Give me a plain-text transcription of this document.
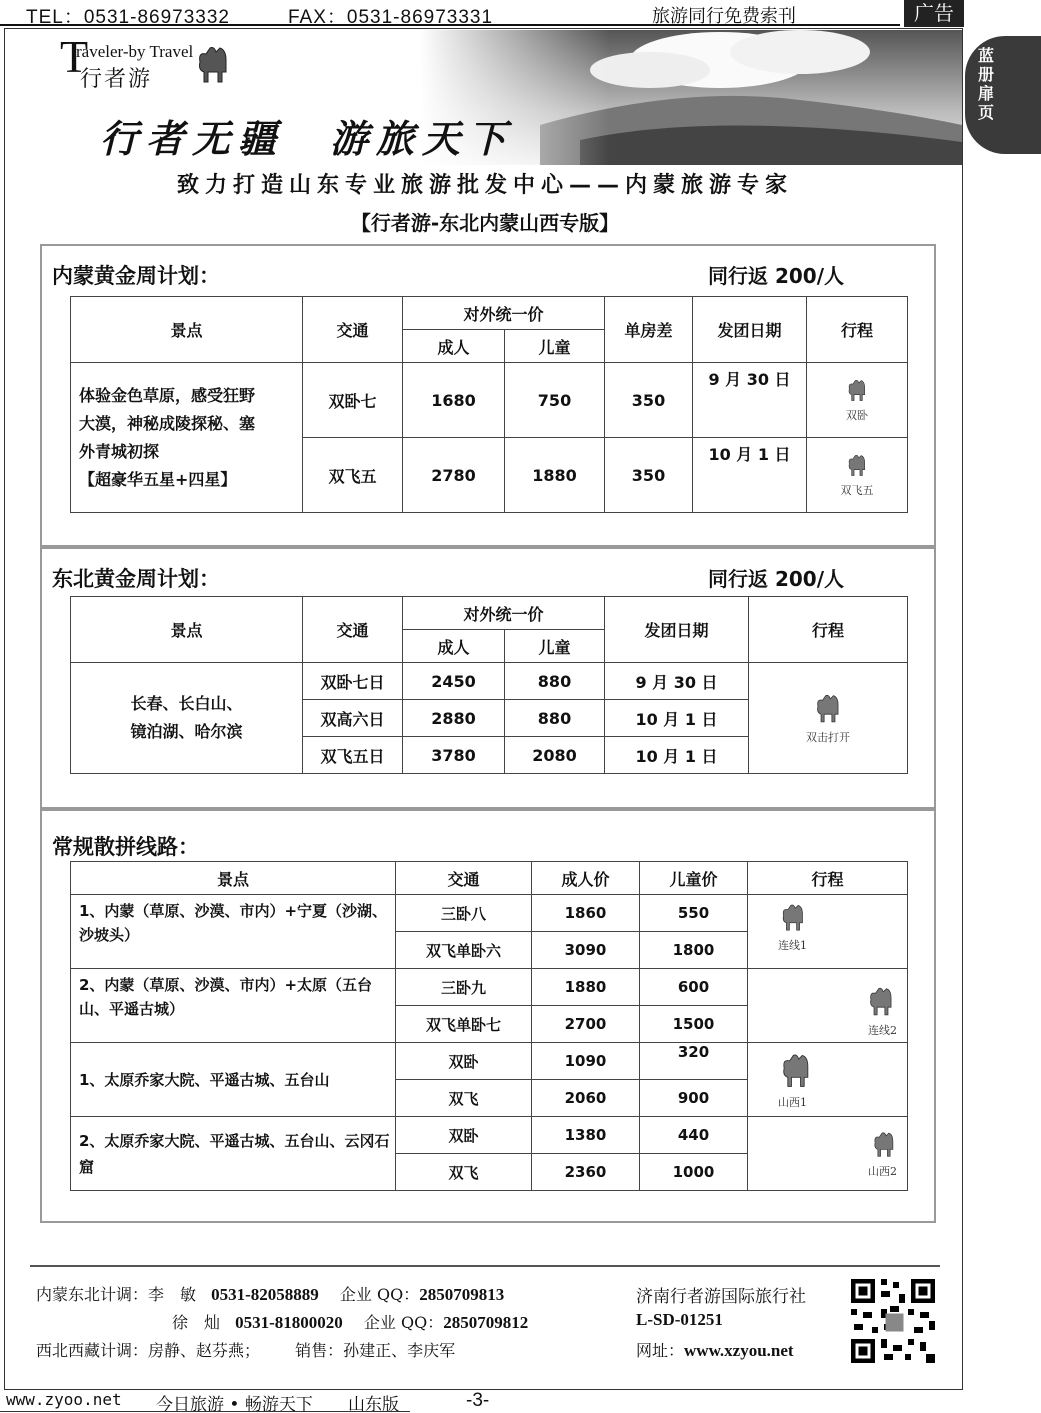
TEL：0531-86973332	FAX：0531-86973331	旅游同行免费索刊	广告
蓝
册
扉
页
T
raveler-by Travel
行者游
行者无疆　游旅天下
致力打造山东专业旅游批发中心——内蒙旅游专家
【行者游-东北内蒙山西专版】
内蒙黄金周计划：	同行返 200/人
景点	交通	对外统一价		单房差	发团日期	行程
		成人	儿童			

体验金色草原，感受狂野
大漠，神秘成陵探秘、塞
外青城初探
【超豪华五星+四星】	双卧七	1680	750	350	9 月 30 日	双卧

	双飞五	2780	1880	350	10 月 1 日	双飞五
东北黄金周计划：	同行返 200/人
景点	交通	对外统一价		发团日期	行程
		成人	儿童		

长春、长白山、
镜泊湖、哈尔滨	双卧七日	2450	880	9 月 30 日	双击打开

	双高六日	2880	880	10 月 1 日	
	双飞五日	3780	2080	10 月 1 日	
常规散拼线路：
景点	交通	成人价	儿童价	行程
1、内蒙（草原、沙漠、市内）+宁夏（沙湖、沙坡头）	三卧八	1860	550	连线1

	双飞单卧六	3090	1800	
2、内蒙（草原、沙漠、市内）+太原（五台山、平遥古城）	三卧九	1880	600	连线2

	双飞单卧七	2700	1500	
1、太原乔家大院、平遥古城、五台山	双卧	1090	320	山西1

	双飞	2060	900	
2、太原乔家大院、平遥古城、五台山、云冈石窟	双卧	1380	440	山西2

	双飞	2360	1000	
内蒙东北计调：李　敏 0531-82058889 企业 QQ：2850709813
徐　灿 0531-81800020 企业 QQ：2850709812
西北西藏计调：房静、赵芬燕； 销售：孙建正、李庆军
济南行者游国际旅行社
L-SD-01251
网址：www.xzyou.net
www.zyoo.net 今日旅游 • 畅游天下 山东版	-3-
